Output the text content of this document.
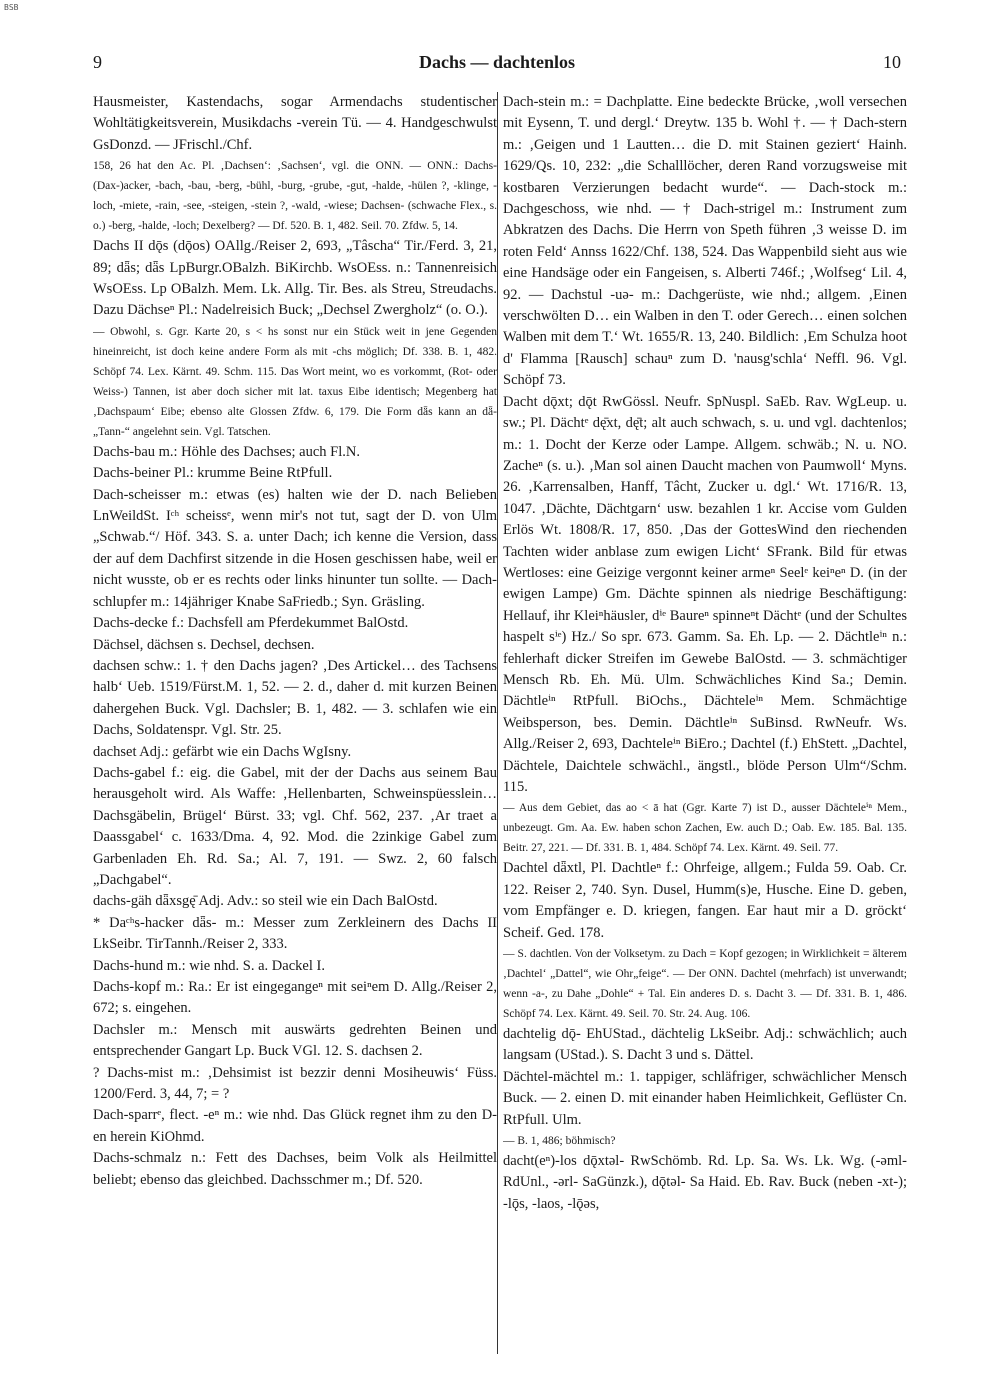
BSB
9	Dachs — dachtenlos	10

Hausmeister, Kastendachs, sogar Armendachs studentischer Wohltätigkeitsverein, Musikdachs -verein Tü. — 4. Handgeschwulst GsDonzd. — JFrischl./Chf.

158, 26 hat den Ac. Pl. ‚Dachsen‘: ‚Sachsen‘, vgl. die ONN. — ONN.: Dachs-(Dax-)acker, -bach, -bau, -berg, -bühl, -burg, -grube, -gut, -halde, -hülen ?, -klinge, -loch, -miete, -rain, -see, -steigen, -stein ?, -wald, -wiese; Dachsen- (schwache Flex., s. o.) -berg, -halde, -loch; Dexelberg? — Df. 520. B. 1, 482. Seil. 70. Zfdw. 5, 14.

Dachs II dǭs (dǭos) OAllg./Reiser 2, 693, „Tâscha“ Tir./Ferd. 3, 21, 89; dǟs; dǟs LpBurgr.OBalzh. BiKirchb. WsOEss. n.: Tannenreisich WsOEss. Lp OBalzh. Mem. Lk. Allg. Tir. Bes. als Streu, Streudachs. Dazu Dächseⁿ Pl.: Nadelreisich Buck; „Dechsel Zwergholz“ (o. O.).

— Obwohl, s. Ggr. Karte 20, s < hs sonst nur ein Stück weit in jene Gegenden hineinreicht, ist doch keine andere Form als mit -chs möglich; Df. 338. B. 1, 482. Schöpf 74. Lex. Kärnt. 49. Schm. 115. Das Wort meint, wo es vorkommt, (Rot- oder Weiss-) Tannen, ist aber doch sicher mit lat. taxus Eibe identisch; Megenberg hat ‚Dachspaum‘ Eibe; ebenso alte Glossen Zfdw. 6, 179. Die Form dǟs kann an dǟ- „Tann-“ angelehnt sein. Vgl. Tatschen.

Dachs-bau m.: Höhle des Dachses; auch Fl.N.

Dachs-beiner Pl.: krumme Beine RtPfull.

Dach-scheisser m.: etwas (es) halten wie der D. nach Belieben LnWeildSt. Iᶜʰ scheissᵉ, wenn mir's not tut, sagt der D. von Ulm „Schwab.“/ Höf. 343. S. a. unter Dach; ich kenne die Version, dass der auf dem Dachfirst sitzende in die Hosen geschissen habe, weil er nicht wusste, ob er es rechts oder links hinunter tun sollte. — Dach-schlupfer m.: 14jähriger Knabe SaFriedb.; Syn. Gräsling.

Dachs-decke f.: Dachsfell am Pferdekummet BalOstd.

Dächsel, dächsen s. Dechsel, dechsen.

dachsen schw.: 1. † den Dachs jagen? ‚Des Artickel… des Tachsens halb‘ Ueb. 1519/Fürst.M. 1, 52. — 2. d., daher d. mit kurzen Beinen dahergehen Buck. Vgl. Dachsler; B. 1, 482. — 3. schlafen wie ein Dachs, Soldatenspr. Vgl. Str. 25.

dachset Adj.: gefärbt wie ein Dachs WgIsny.

Dachs-gabel f.: eig. die Gabel, mit der der Dachs aus seinem Bau herausgeholt wird. Als Waffe: ‚Hellenbarten, Schweinspüesslein… Dachsgäbelin, Brügel‘ Bürst. 33; vgl. Chf. 562, 237. ‚Ar traet a Daassgabel‘ c. 1633/Dma. 4, 92. Mod. die 2zinkige Gabel zum Garbenladen Eh. Rd. Sa.; Al. 7, 191. — Swz. 2, 60 falsch „Dachgabel“.

dachs-gäh dǟxsgę̄ Adj. Adv.: so steil wie ein Dach BalOstd.

* Daᶜʰs-hacker dǟs- m.: Messer zum Zerkleinern des Dachs II LkSeibr. TirTannh./Reiser 2, 333.

Dachs-hund m.: wie nhd. S. a. Dackel I.

Dachs-kopf m.: Ra.: Er ist eingegangeⁿ mit seiⁿem D. Allg./Reiser 2, 672; s. eingehen.

Dachsler m.: Mensch mit auswärts gedrehten Beinen und entsprechender Gangart Lp. Buck VGl. 12. S. dachsen 2.

? Dachs-mist m.: ‚Dehsimist ist bezzir denni Mosiheuwis‘ Füss. 1200/Ferd. 3, 44, 7; = ?

Dach-sparrᵉ, flect. -eⁿ m.: wie nhd. Das Glück regnet ihm zu den D-en herein KiOhmd.

Dachs-schmalz n.: Fett des Dachses, beim Volk als Heilmittel beliebt; ebenso das gleichbed. Dachsschmer m.; Df. 520.

Dach-stein m.: = Dachplatte. Eine bedeckte Brücke, ‚woll versechen mit Eysenn, T. und dergl.‘ Dreytw. 135 b. Wohl †. — † Dach-stern m.: ‚Geigen und 1 Lautten… die D. mit Stainen geziert‘ Hainh. 1629/Qs. 10, 232: „die Schalllöcher, deren Rand vorzugsweise mit kostbaren Verzierungen bedacht wurde“. — Dach-stock m.: Dachgeschoss, wie nhd. — † Dach-strigel m.: Instrument zum Abkratzen des Dachs. Die Herrn von Speth führen ‚3 weisse D. im roten Feld‘ Annss 1622/Chf. 138, 524. Das Wappenbild sieht aus wie eine Handsäge oder ein Fangeisen, s. Alberti 746f.; ‚Wolfseg‘ Lil. 4, 92. — Dachstul -uə- m.: Dachgerüste, wie nhd.; allgem. ‚Einen verschwölten D… ein Walben in den T. oder Gerech… einen solchen Walben mit dem T.‘ Wt. 1655/R. 13, 240. Bildlich: ‚Em Schulza hoot d' Flamma [Rausch] schauⁿ zum D. 'nausg'schla‘ Neffl. 96. Vgl. Schöpf 73.

Dacht dǭxt; dǭt RwGössl. Neufr. SpNuspl. SaEb. Rav. WgLeup. u. sw.; Pl. Dächtᵉ dę̄xt, dę̄t; alt auch schwach, s. u. und vgl. dachtenlos; m.: 1. Docht der Kerze oder Lampe. Allgem. schwäb.; N. u. NO. Zacheⁿ (s. u.). ‚Man sol ainen Daucht machen von Paumwoll‘ Myns. 26. ‚Karrensalben, Hanff, Tâcht, Zucker u. dgl.‘ Wt. 1716/R. 13, 1047. ‚Dächte, Dächtgarn‘ usw. bezahlen 1 kr. Accise vom Gulden Erlös Wt. 1808/R. 17, 850. ‚Das der GottesWind den riechenden Tachten wider anblase zum ewigen Licht‘ SFrank. Bild für etwas Wertloses: eine Geizige vergonnt keiner armeⁿ Seelᵉ keiⁿeⁿ D. (in der ewigen Lampe) Gm. Dächte spinnen als niedrige Beschäftigung: Hellauf, ihr Kleiⁿhäusler, dⁱᵉ Baureⁿ spinneⁿt Dächtᵉ (und der Schultes haspelt sⁱᵉ) Hz./ So spr. 673. Gamm. Sa. Eh. Lp. — 2. Dächtleⁱⁿ n.: fehlerhaft dicker Streifen im Gewebe BalOstd. — 3. schmächtiger Mensch Rb. Eh. Mü. Ulm. Schwächliches Kind Sa.; Demin. Dächtleⁱⁿ RtPfull. BiOchs., Dächteleⁱⁿ Mem. Schmächtige Weibsperson, bes. Demin. Dächtleⁱⁿ SuBinsd. RwNeufr. Ws. Allg./Reiser 2, 693, Dachteleⁱⁿ BiEro.; Dachtel (f.) EhStett. „Dachtel, Dächtele, Daichtele schwächl., ängstl., blöde Person Ulm“/Schm. 115.

— Aus dem Gebiet, das ao < ā hat (Ggr. Karte 7) ist D., ausser Dächteleⁱⁿ Mem., unbezeugt. Gm. Aa. Ew. haben schon Zachen, Ew. auch D.; Oab. Ew. 185. Bal. 135. Beitr. 27, 221. — Df. 331. B. 1, 484. Schöpf 74. Lex. Kärnt. 49. Seil. 77.

Dachtel dǟxtl, Pl. Dachtleⁿ f.: Ohrfeige, allgem.; Fulda 59. Oab. Cr. 122. Reiser 2, 740. Syn. Dusel, Humm(s)e, Husche. Eine D. geben, vom Empfänger e. D. kriegen, fangen. Ear haut mir a D. gröckt‘ Scheif. Ged. 178.

— S. dachtlen. Von der Volksetym. zu Dach = Kopf gezogen; in Wirklichkeit = älterem ‚Dachtel‘ „Dattel“, wie Ohr„feige“. — Der ONN. Dachtel (mehrfach) ist unverwandt; wenn -a-, zu Dahe „Dohle“ + Tal. Ein anderes D. s. Dacht 3. — Df. 331. B. 1, 486. Schöpf 74. Lex. Kärnt. 49. Seil. 70. Str. 24. Aug. 106.

dachtelig dǭ- EhUStad., dächtelig LkSeibr. Adj.: schwächlich; auch langsam (UStad.). S. Dacht 3 und s. Dättel.

Dächtel-mächtel m.: 1. tappiger, schläfriger, schwächlicher Mensch Buck. — 2. einen D. mit einander haben Heimlichkeit, Geflüster Cn. RtPfull. Ulm.

— B. 1, 486; böhmisch?

dacht(eⁿ)-los dǭxtəl- RwSchömb. Rd. Lp. Sa. Ws. Lk. Wg. (-əml- RdUnl., -ərl- SaGünzk.), dǭtəl- Sa Haid. Eb. Rav. Buck (neben -xt-); -lǭs, -laos, -lǭəs,
